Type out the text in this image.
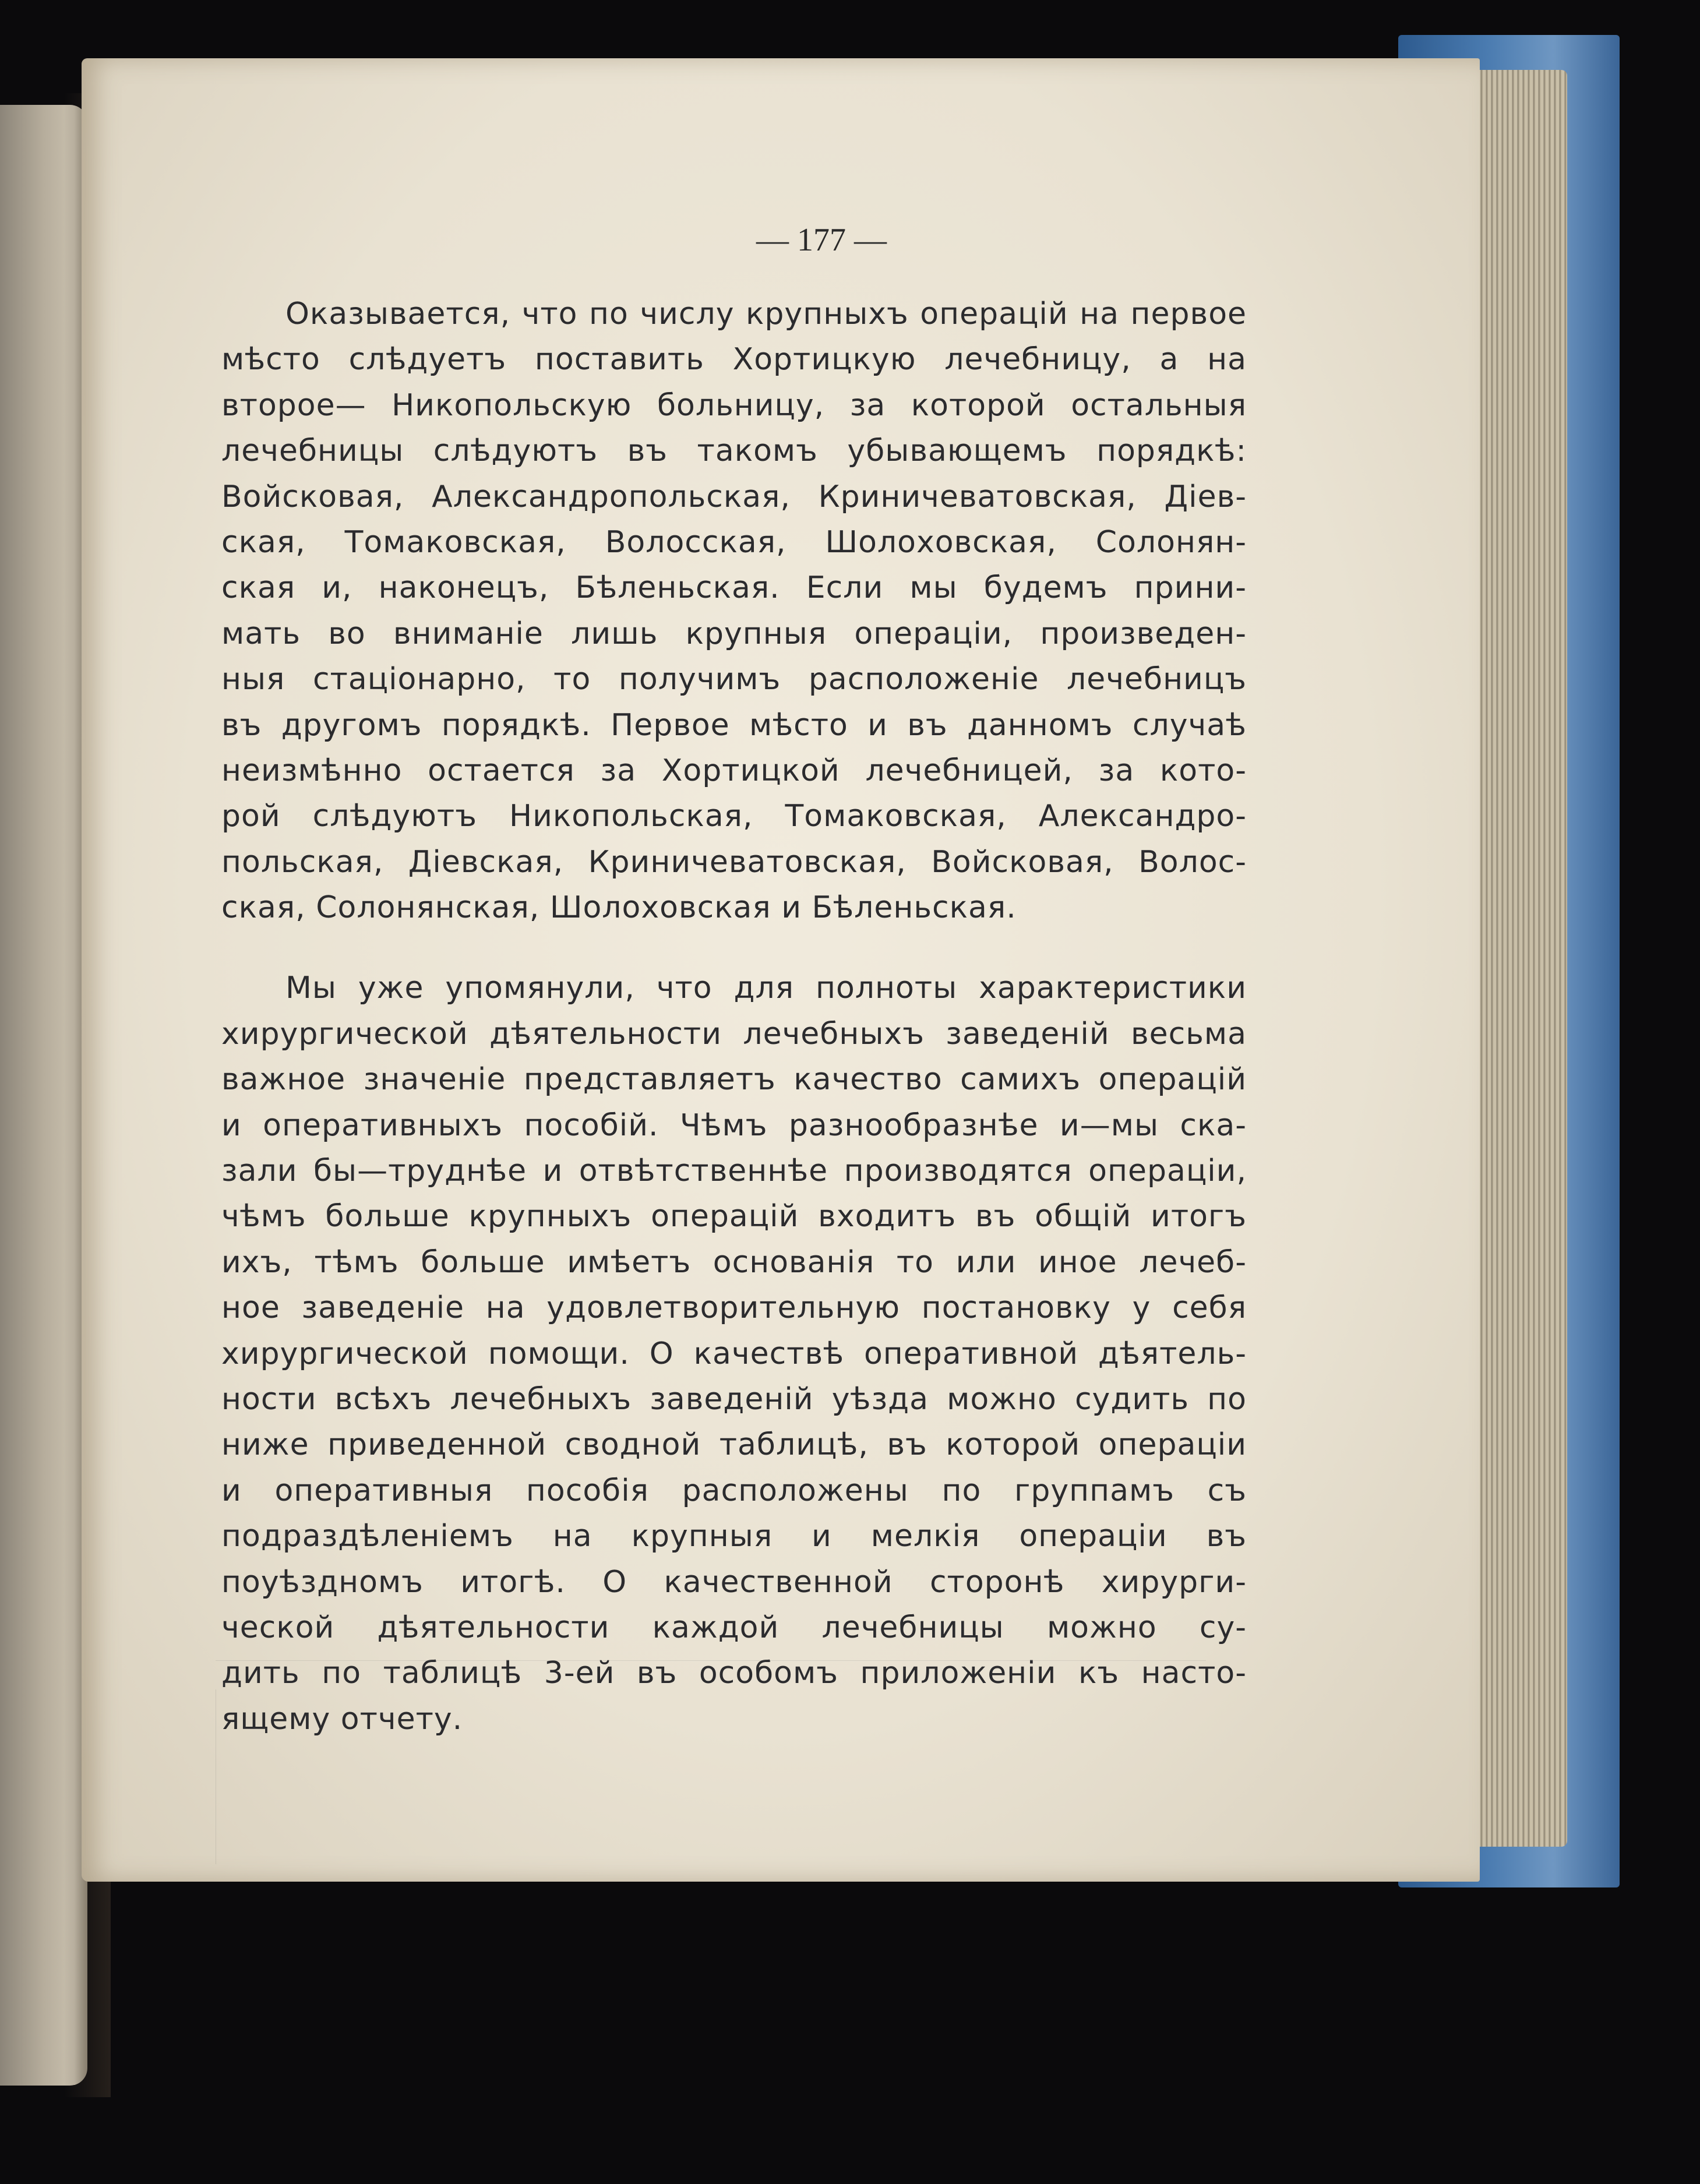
— 177 —
Оказывается, что по числу крупныхъ операцій на первое
мѣсто слѣдуетъ поставить Хортицкую лечебницу, а на
второе— Никопольскую больницу, за которой остальныя
лечебницы слѣдуютъ въ такомъ убывающемъ порядкѣ:
Войсковая, Александропольская, Криничеватовская, Діев-
ская, Томаковская, Волосская, Шолоховская, Солонян-
ская и, наконецъ, Бѣленьская. Если мы будемъ прини-
мать во вниманіе лишь крупныя операціи, произведен-
ныя стаціонарно, то получимъ расположеніе лечебницъ
въ другомъ порядкѣ. Первое мѣсто и въ данномъ случаѣ
неизмѣнно остается за Хортицкой лечебницей, за кото-
рой слѣдуютъ Никопольская, Томаковская, Александро-
польская, Діевская, Криничеватовская, Войсковая, Волос-
ская, Солонянская, Шолоховская и Бѣленьская.
Мы уже упомянули, что для полноты характеристики
хирургической дѣятельности лечебныхъ заведеній весьма
важное значеніе представляетъ качество самихъ операцій
и оперативныхъ пособій. Чѣмъ разнообразнѣе и—мы ска-
зали бы—труднѣе и отвѣтственнѣе производятся операціи,
чѣмъ больше крупныхъ операцій входитъ въ общій итогъ
ихъ, тѣмъ больше имѣетъ основанія то или иное лечеб-
ное заведеніе на удовлетворительную постановку у себя
хирургической помощи. О качествѣ оперативной дѣятель-
ности всѣхъ лечебныхъ заведеній уѣзда можно судить по
ниже приведенной сводной таблицѣ, въ которой операціи
и оперативныя пособія расположены по группамъ съ
подраздѣленіемъ на крупныя и мелкія операціи въ
поуѣздномъ итогѣ. О качественной сторонѣ хирурги-
ческой дѣятельности каждой лечебницы можно су-
дить по таблицѣ 3-ей въ особомъ приложеніи къ насто-
ящему отчету.
